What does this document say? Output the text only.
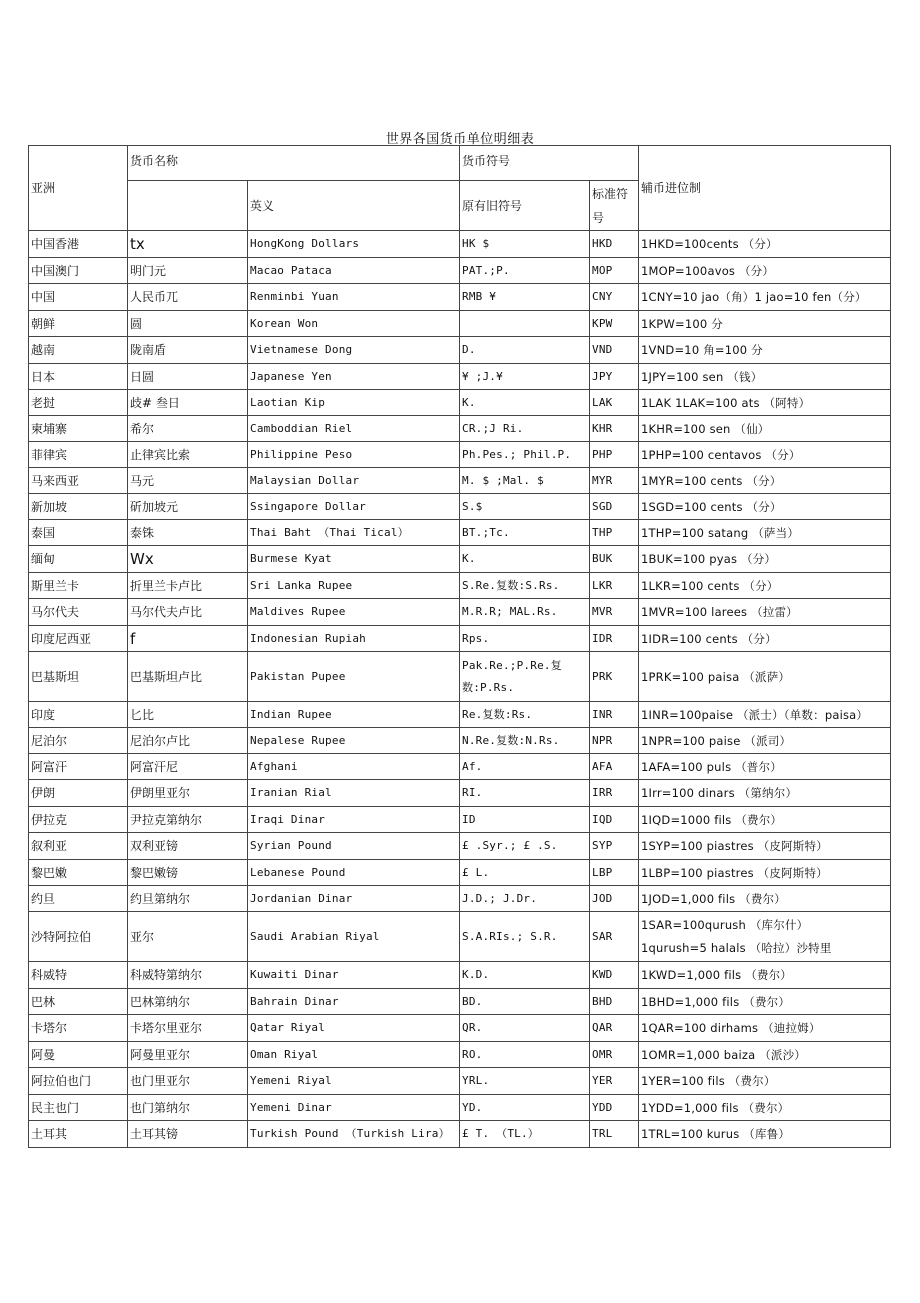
世界各国货币单位明细表
亚洲	货币名称		货币符号		辅币进位制
		英义	原有旧符号	标准符号	
中国香港	tx	HongKong Dollars	HK $	HKD	1HKD=100cents （分）
中国澳门	明门元	Macao Pataca	PAT.;P.	MOP	1MOP=100avos （分）
中国	人民币兀	Renminbi Yuan	RMB ¥	CNY	1CNY=10 jao（角）1 jao=10 fen（分）
朝鲜	圆	Korean Won		KPW	1KPW=100 分
越南	陇南盾	Vietnamese Dong	D.	VND	1VND=10 角=100 分
日本	日圆	Japanese Yen	¥ ;J.¥	JPY	1JPY=100 sen （钱）
老挝	歧# 叁日	Laotian Kip	K.	LAK	1LAK 1LAK=100 ats （阿特）
柬埔寨	希尔	Camboddian Riel	CR.;J Ri.	KHR	1KHR=100 sen （仙）
菲律宾	止律宾比索	Philippine Peso	Ph.Pes.; Phil.P.	PHP	1PHP=100 centavos （分）
马来西亚	马元	Malaysian Dollar	M. $ ;Mal. $	MYR	1MYR=100 cents （分）
新加坡	斫加坡元	Ssingapore Dollar	S.$	SGD	1SGD=100 cents （分）
泰国	泰铢	Thai Baht （Thai Tical）	BT.;Tc.	THP	1THP=100 satang （萨当）
缅甸	Wx	Burmese Kyat	K.	BUK	1BUK=100 pyas （分）
斯里兰卡	折里兰卡卢比	Sri Lanka Rupee	S.Re.复数:S.Rs.	LKR	1LKR=100 cents （分）
马尔代夫	马尔代夫卢比	Maldives Rupee	M.R.R; MAL.Rs.	MVR	1MVR=100 larees （拉雷）
印度尼西亚	f	Indonesian Rupiah	Rps.	IDR	1IDR=100 cents （分）
巴基斯坦	巴基斯坦卢比	Pakistan Pupee	Pak.Re.;P.Re.复数:P.Rs.	PRK	1PRK=100 paisa （派萨）
印度	匕比	Indian Rupee	Re.复数:Rs.	INR	1INR=100paise （派士）（单数：paisa）
尼泊尔	尼泊尔卢比	Nepalese Rupee	N.Re.复数:N.Rs.	NPR	1NPR=100 paise （派司）
阿富汗	阿富汗尼	Afghani	Af.	AFA	1AFA=100 puls （普尔）
伊朗	伊朗里亚尔	Iranian Rial	RI.	IRR	1Irr=100 dinars （第纳尔）
伊拉克	尹拉克第纳尔	Iraqi Dinar	ID	IQD	1IQD=1000 fils （费尔）
叙利亚	双利亚镑	Syrian Pound	£ .Syr.; £ .S.	SYP	1SYP=100 piastres （皮阿斯特）
黎巴嫩	黎巴嫩镑	Lebanese Pound	£ L.	LBP	1LBP=100 piastres （皮阿斯特）
约旦	约旦第纳尔	Jordanian Dinar	J.D.; J.Dr.	JOD	1JOD=1,000 fils （费尔）
沙特阿拉伯	亚尔	Saudi Arabian Riyal	S.A.RIs.; S.R.	SAR	1SAR=100qurush （库尔什）
1qurush=5 halals （哈拉）沙特里

科威特	科威特第纳尔	Kuwaiti Dinar	K.D.	KWD	1KWD=1,000 fils （费尔）
巴林	巴林第纳尔	Bahrain Dinar	BD.	BHD	1BHD=1,000 fils （费尔）
卡塔尔	卡塔尔里亚尔	Qatar Riyal	QR.	QAR	1QAR=100 dirhams （迪拉姆）
阿曼	阿曼里亚尔	Oman Riyal	RO.	OMR	1OMR=1,000 baiza （派沙）
阿拉伯也门	也门里亚尔	Yemeni Riyal	YRL.	YER	1YER=100 fils （费尔）
民主也门	也门第纳尔	Yemeni Dinar	YD.	YDD	1YDD=1,000 fils （费尔）
土耳其	土耳其镑	Turkish Pound （Turkish Lira）	£ T. （TL.）	TRL	1TRL=100 kurus （库鲁）
